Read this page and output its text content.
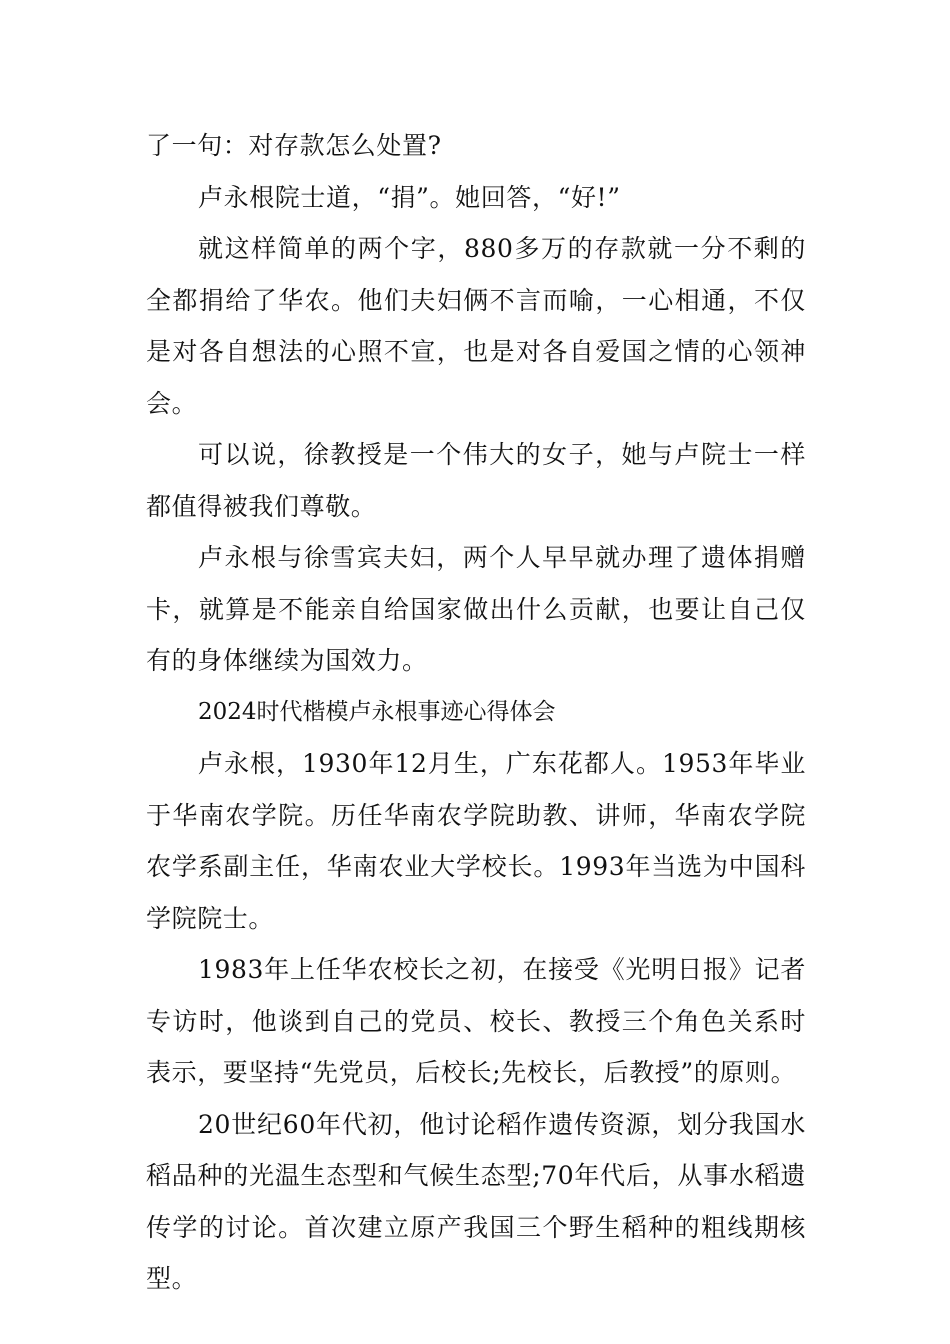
了一句：对存款怎么处置?

卢永根院士道，“捐”。她回答，“好!”

就这样简单的两个字，880多万的存款就一分不剩的全都捐给了华农。他们夫妇俩不言而喻，一心相通，不仅是对各自想法的心照不宣，也是对各自爱国之情的心领神会。

可以说，徐教授是一个伟大的女子，她与卢院士一样都值得被我们尊敬。

卢永根与徐雪宾夫妇，两个人早早就办理了遗体捐赠卡，就算是不能亲自给国家做出什么贡献，也要让自己仅有的身体继续为国效力。

2024时代楷模卢永根事迹心得体会

卢永根，1930年12月生，广东花都人。1953年毕业于华南农学院。历任华南农学院助教、讲师，华南农学院农学系副主任，华南农业大学校长。1993年当选为中国科学院院士。

1983年上任华农校长之初，在接受《光明日报》记者专访时，他谈到自己的党员、校长、教授三个角色关系时表示，要坚持“先党员，后校长;先校长，后教授”的原则。

20世纪60年代初，他讨论稻作遗传资源，划分我国水稻品种的光温生态型和气候生态型;70年代后，从事水稻遗传学的讨论。首次建立原产我国三个野生稻种的粗线期核型。
